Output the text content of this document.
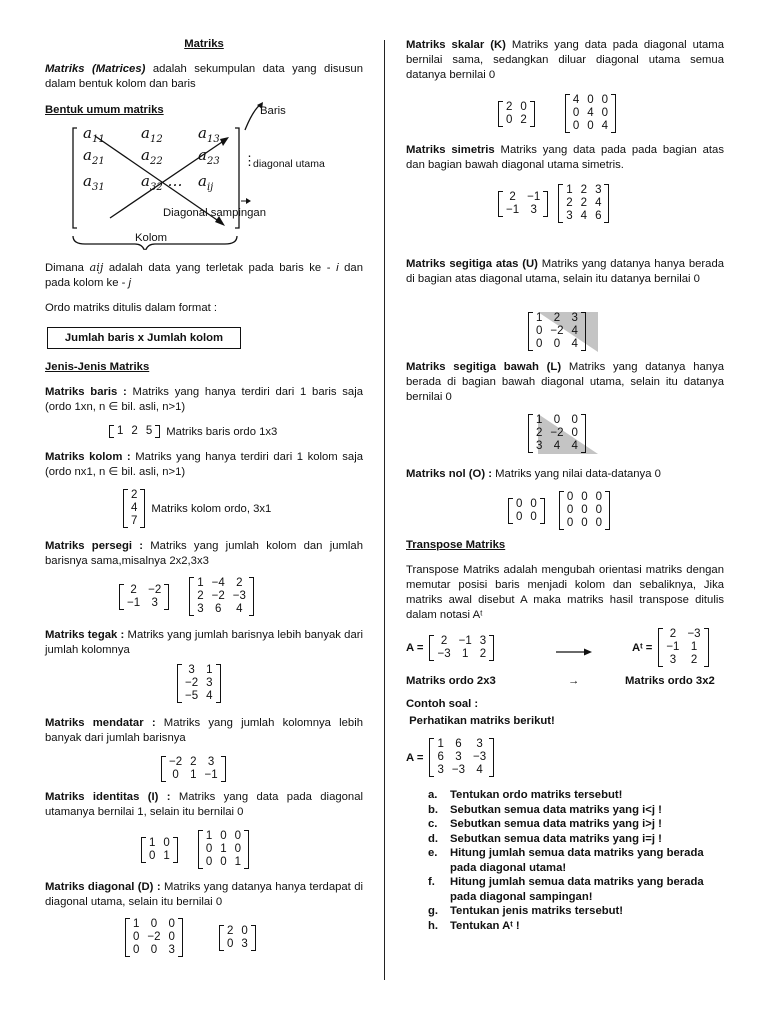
Matriks
Matriks (Matrices) adalah sekumpulan data yang disusun dalam bentuk kolom dan baris
Bentuk umum matriks	Baris
diagonal utama
Diagonal sampingan
Kolom
$a_{11}$ $a_{12}$ $a_{13}$
$a_{21}$ $a_{22}$ $a_{23}$
$a_{31}$ $a_{32}$ … $a_{ij}$
⋮
Dimana aij adalah data yang terletak pada baris ke - i dan pada kolom ke - j
Ordo matriks ditulis dalam format :
Jumlah baris x Jumlah kolom
Jenis-Jenis Matriks
Matriks baris : Matriks yang hanya terdiri dari 1 baris saja (ordo 1xn, n ∈ bil. asli, n>1)
1	2	5 Matriks baris ordo 1x3
Matriks kolom : Matriks yang hanya terdiri dari 1 kolom saja (ordo nx1, n ∈ bil. asli, n>1)
2
4
7
Matriks kolom ordo, 3x1
Matriks persegi : Matriks yang jumlah kolom dan jumlah barisnya sama,misalnya 2x2,3x3
2	−2
−1	3
1	−4	2
2	−2	−3
3	6	4
Matriks tegak : Matriks yang jumlah barisnya lebih banyak dari jumlah kolomnya
3	1
−2	3
−5	4
Matriks mendatar : Matriks yang jumlah kolomnya lebih banyak dari jumlah barisnya
−2	2	3
0	1	−1
Matriks identitas (I) : Matriks yang data pada diagonal utamanya bernilai 1, selain itu bernilai 0
1	0
0	1
1	0	0
0	1	0
0	0	1
Matriks diagonal (D) : Matriks yang datanya hanya terdapat di diagonal utama, selain itu bernilai 0
1	0	0
0	−2	0
0	0	3
2	0
0	3
Matriks skalar (K) Matriks yang data pada diagonal utama bernilai sama, sedangkan diluar diagonal utama semua datanya bernilai 0
2	0
0	2
4	0	0
0	4	0
0	0	4
Matriks simetris Matriks yang data pada pada bagian atas dan bagian bawah diagonal utama simetris.
2	−1
−1	3
1	2	3
2	2	4
3	4	6
Matriks segitiga atas (U) Matriks yang datanya hanya berada di bagian atas diagonal utama, selain itu datanya bernilai 0
1	2	3
0	−2	4
0	0	4
Matriks segitiga bawah (L) Matriks yang datanya hanya berada di bagian bawah diagonal utama, selain itu datanya bernilai 0
1	0	0
2	−2	0
3	4	4
Matriks nol (O) : Matriks yang nilai data-datanya 0
0	0
0	0
0	0	0
0	0	0
0	0	0
Transpose Matriks
Transpose Matriks adalah mengubah orientasi matriks dengan memutar posisi baris menjadi kolom dan sebaliknya, Jika matriks awal disebut A maka matriks hasil transpose ditulis dalam notasi Aᵗ
A =
2	−1	3
−3	1	2
Aᵗ =
2	−3
−1	1
3	2
Matriks ordo 2x3	→	Matriks ordo 3x2
Contoh soal :
Perhatikan matriks berikut!
A =
1	6	3
6	3	−3
3	−3	4
a.	Tentukan ordo matriks tersebut!
b.	Sebutkan semua data matriks yang i<j !
c.	Sebutkan semua data matriks yang i>j !
d.	Sebutkan semua data matriks yang i=j !
e.	Hitung jumlah semua data matriks yang berada pada diagonal utama!
f.	Hitung jumlah semua data matriks yang berada pada diagonal sampingan!
g.	Tentukan jenis matriks tersebut!
h.	Tentukan Aᵗ !
